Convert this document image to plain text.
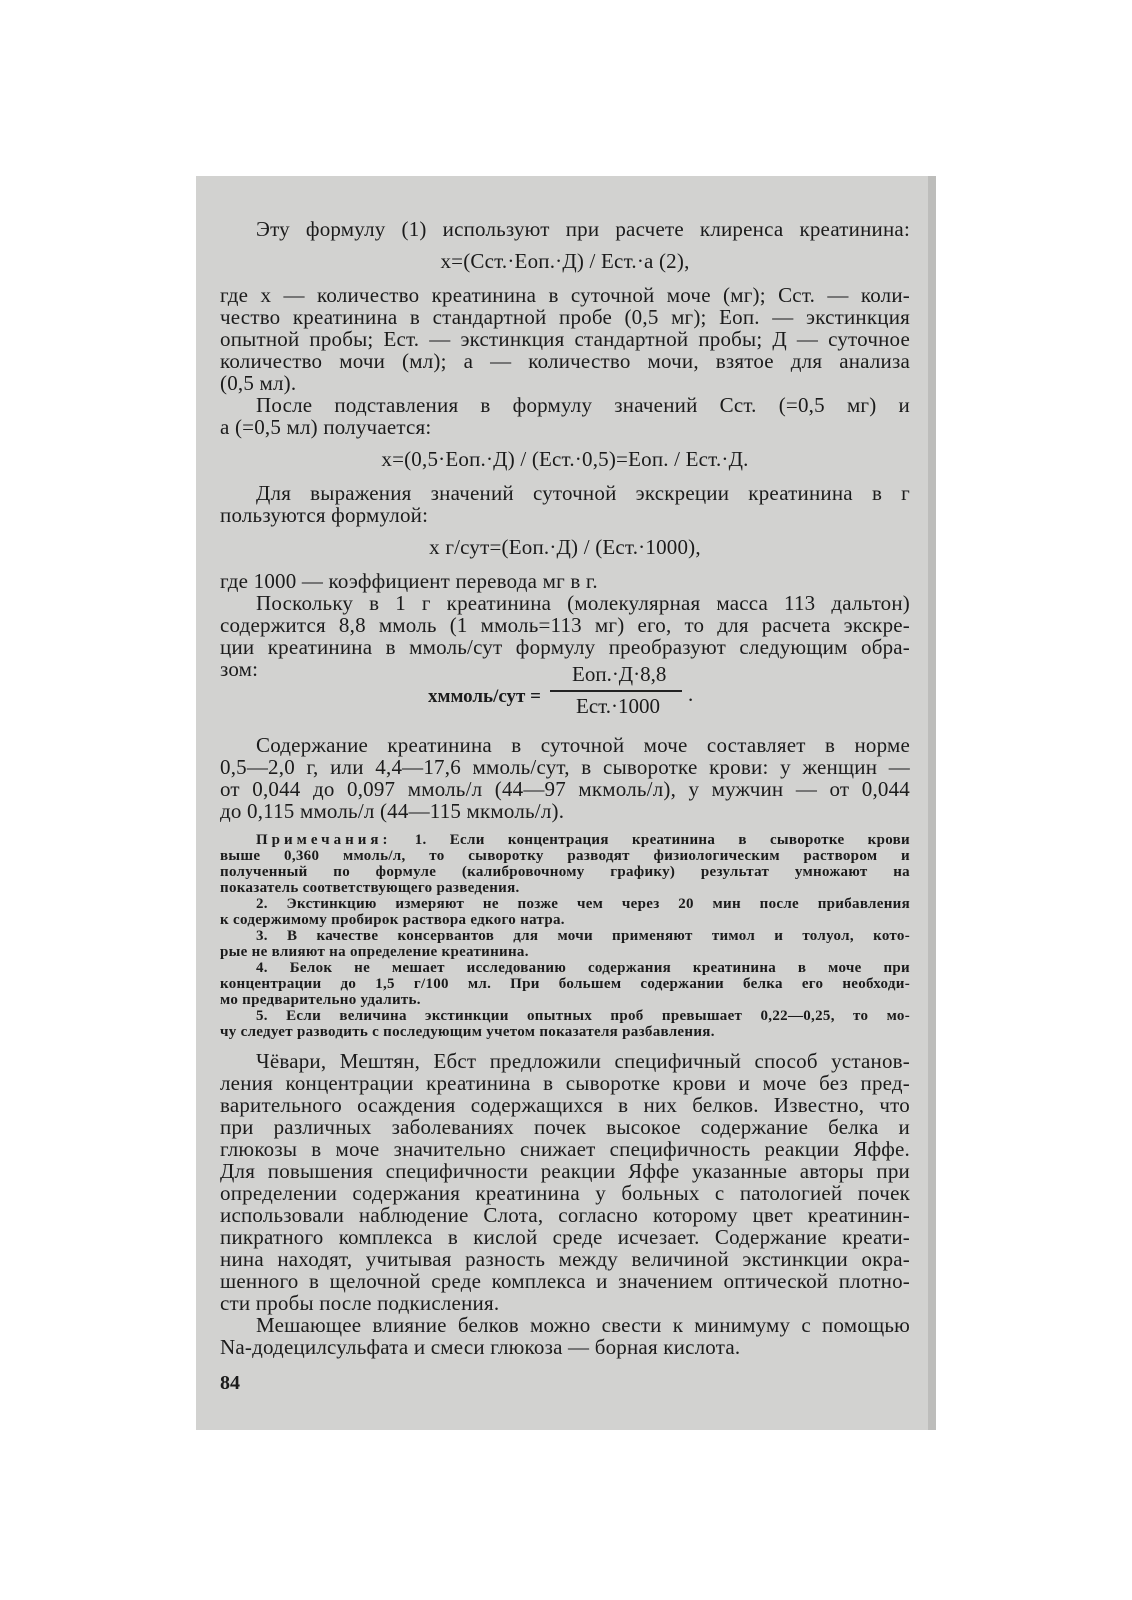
Эту формулу (1) используют при расчете клиренса креатинина:

x=(Cст.·Eоп.·Д) / Eст.·a (2),

где x — количество креатинина в суточной моче (мг); Cст. — коли-

чество креатинина в стандартной пробе (0,5 мг); Eоп. — экстинкция

опытной пробы; Eст. — экстинкция стандартной пробы; Д — суточное

количество мочи (мл); a — количество мочи, взятое для анализа

(0,5 мл).

После подставления в формулу значений Cст. (=0,5 мг) и

a (=0,5 мл) получается:

x=(0,5·Eоп.·Д) / (Eст.·0,5)=Eоп. / Eст.·Д.

Для выражения значений суточной экскреции креатинина в г

пользуются формулой:

x г/сут=(Eоп.·Д) / (Eст.·1000),

где 1000 — коэффициент перевода мг в г.

Поскольку в 1 г креатинина (молекулярная масса 113 дальтон)

содержится 8,8 ммоль (1 ммоль=113 мг) его, то для расчета экскре-

ции креатинина в ммоль/сут формулу преобразуют следующим обра-

зом:

xммоль/сут =
Eоп.·Д·8,8
Eст.·1000 .

Содержание креатинина в суточной моче составляет в норме

0,5—2,0 г, или 4,4—17,6 ммоль/сут, в сыворотке крови: у женщин —

от 0,044 до 0,097 ммоль/л (44—97 мкмоль/л), у мужчин — от 0,044

до 0,115 ммоль/л (44—115 мкмоль/л).

Примечания: 1. Если концентрация креатинина в сыворотке крови

выше 0,360 ммоль/л, то сыворотку разводят физиологическим раствором и

полученный по формуле (калибровочному графику) результат умножают на

показатель соответствующего разведения.

2. Экстинкцию измеряют не позже чем через 20 мин после прибавления

к содержимому пробирок раствора едкого натра.

3. В качестве консервантов для мочи применяют тимол и толуол, кото-

рые не влияют на определение креатинина.

4. Белок не мешает исследованию содержания креатинина в моче при

концентрации до 1,5 г/100 мл. При большем содержании белка его необходи-

мо предварительно удалить.

5. Если величина экстинкции опытных проб превышает 0,22—0,25, то мо-

чу следует разводить с последующим учетом показателя разбавления.

Чёвари, Мештян, Ебст предложили специфичный способ установ-

ления концентрации креатинина в сыворотке крови и моче без пред-

варительного осаждения содержащихся в них белков. Известно, что

при различных заболеваниях почек высокое содержание белка и

глюкозы в моче значительно снижает специфичность реакции Яффе.

Для повышения специфичности реакции Яффе указанные авторы при

определении содержания креатинина у больных с патологией почек

использовали наблюдение Слота, согласно которому цвет креатинин-

пикратного комплекса в кислой среде исчезает. Содержание креати-

нина находят, учитывая разность между величиной экстинкции окра-

шенного в щелочной среде комплекса и значением оптической плотно-

сти пробы после подкисления.

Мешающее влияние белков можно свести к минимуму с помощью

Na-додецилсульфата и смеси глюкоза — борная кислота.

84
